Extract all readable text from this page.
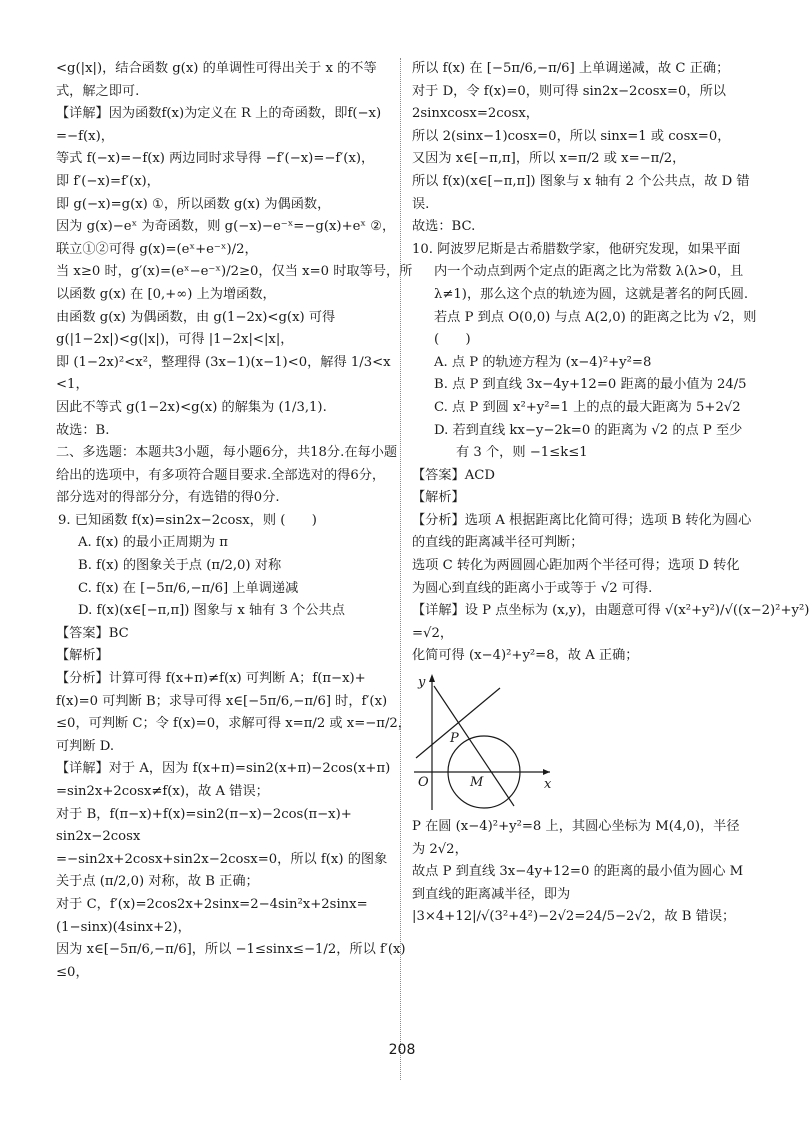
<g(|x|)，结合函数 g(x) 的单调性可得出关于 x 的不等
式，解之即可.
【详解】因为函数f(x)为定义在 R 上的奇函数，即f(−x)
=−f(x)，
等式 f(−x)=−f(x) 两边同时求导得 −f′(−x)=−f′(x)，
即 f′(−x)=f′(x)，
即 g(−x)=g(x) ①，所以函数 g(x) 为偶函数，
因为 g(x)−eˣ 为奇函数，则 g(−x)−e⁻ˣ=−g(x)+eˣ ②，
联立①②可得 g(x)=(eˣ+e⁻ˣ)/2，
当 x≥0 时，g′(x)=(eˣ−e⁻ˣ)/2≥0，仅当 x=0 时取等号，所
以函数 g(x) 在 [0,+∞) 上为增函数，
由函数 g(x) 为偶函数，由 g(1−2x)<g(x) 可得
g(|1−2x|)<g(|x|)，可得 |1−2x|<|x|，
即 (1−2x)²<x²，整理得 (3x−1)(x−1)<0，解得 1/3<x
<1，
因此不等式 g(1−2x)<g(x) 的解集为 (1/3,1).
故选：B.
二、多选题：本题共3小题，每小题6分，共18分.在每小题
给出的选项中，有多项符合题目要求.全部选对的得6分，
部分选对的得部分分，有选错的得0分.
9. 已知函数 f(x)=sin2x−2cosx，则 (　　)
A. f(x) 的最小正周期为 π
B. f(x) 的图象关于点 (π/2,0) 对称
C. f(x) 在 [−5π/6,−π/6] 上单调递减
D. f(x)(x∈[−π,π]) 图象与 x 轴有 3 个公共点
【答案】BC
【解析】
【分析】计算可得 f(x+π)≠f(x) 可判断 A；f(π−x)+
f(x)=0 可判断 B；求导可得 x∈[−5π/6,−π/6] 时，f′(x)
≤0，可判断 C；令 f(x)=0，求解可得 x=π/2 或 x=−π/2，
可判断 D.
【详解】对于 A，因为 f(x+π)=sin2(x+π)−2cos(x+π)
=sin2x+2cosx≠f(x)，故 A 错误；
对于 B，f(π−x)+f(x)=sin2(π−x)−2cos(π−x)+
sin2x−2cosx
=−sin2x+2cosx+sin2x−2cosx=0，所以 f(x) 的图象
关于点 (π/2,0) 对称，故 B 正确；
对于 C，f′(x)=2cos2x+2sinx=2−4sin²x+2sinx=
(1−sinx)(4sinx+2)，
因为 x∈[−5π/6,−π/6]，所以 −1≤sinx≤−1/2，所以 f′(x)
≤0，
所以 f(x) 在 [−5π/6,−π/6] 上单调递减，故 C 正确；
对于 D，令 f(x)=0，则可得 sin2x−2cosx=0，所以
2sinxcosx=2cosx，
所以 2(sinx−1)cosx=0，所以 sinx=1 或 cosx=0，
又因为 x∈[−π,π]，所以 x=π/2 或 x=−π/2，
所以 f(x)(x∈[−π,π]) 图象与 x 轴有 2 个公共点，故 D 错
误.
故选：BC.
10. 阿波罗尼斯是古希腊数学家，他研究发现，如果平面
内一个动点到两个定点的距离之比为常数 λ(λ>0，且
λ≠1)，那么这个点的轨迹为圆，这就是著名的阿氏圆.
若点 P 到点 O(0,0) 与点 A(2,0) 的距离之比为 √2，则
(　　)
A. 点 P 的轨迹方程为 (x−4)²+y²=8
B. 点 P 到直线 3x−4y+12=0 距离的最小值为 24/5
C. 点 P 到圆 x²+y²=1 上的点的最大距离为 5+2√2
D. 若到直线 kx−y−2k=0 的距离为 √2 的点 P 至少
有 3 个，则 −1≤k≤1
【答案】ACD
【解析】
【分析】选项 A 根据距离比化简可得；选项 B 转化为圆心
的直线的距离减半径可判断；
选项 C 转化为两圆圆心距加两个半径可得；选项 D 转化
为圆心到直线的距离小于或等于 √2 可得.
【详解】设 P 点坐标为 (x,y)，由题意可得 √(x²+y²)/√((x−2)²+y²)
=√2，
化简可得 (x−4)²+y²=8，故 A 正确；
y
x
O
P
M
P 在圆 (x−4)²+y²=8 上，其圆心坐标为 M(4,0)，半径
为 2√2，
故点 P 到直线 3x−4y+12=0 的距离的最小值为圆心 M
到直线的距离减半径，即为
|3×4+12|/√(3²+4²)−2√2=24/5−2√2，故 B 错误；
208
